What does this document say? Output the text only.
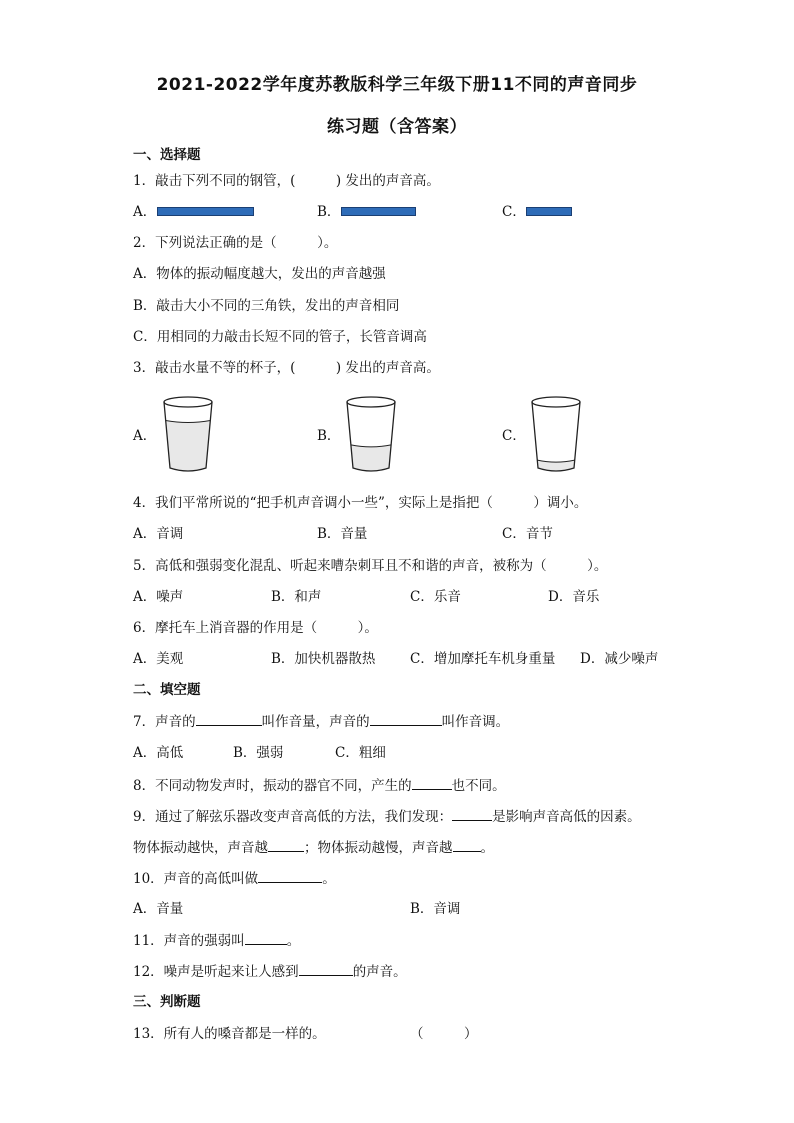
2021-2022学年度苏教版科学三年级下册11不同的声音同步
练习题（含答案）
一、选择题
1．敲击下列不同的钢管，(　　　) 发出的声音高。
A．	B．	C．
2．下列说法正确的是（　　　）。
A．物体的振动幅度越大，发出的声音越强
B．敲击大小不同的三角铁，发出的声音相同
C．用相同的力敲击长短不同的管子，长管音调高
3．敲击水量不等的杯子，(　　　) 发出的声音高。
A．	B．	C．
4．我们平常所说的“把手机声音调小一些”，实际上是指把（　　　）调小。
A．音调	B．音量	C．音节
5．高低和强弱变化混乱、听起来嘈杂刺耳且不和谐的声音，被称为（　　　）。
A．噪声	B．和声	C．乐音	D．音乐
6．摩托车上消音器的作用是（　　　）。
A．美观	B．加快机器散热	C．增加摩托车机身重量 D．减少噪声
二、填空题
7．声音的	叫作音量，声音的	叫作音调。
A．高低	B．强弱	C．粗细
8．不同动物发声时，振动的器官不同，产生的	也不同。
9．通过了解弦乐器改变声音高低的方法，我们发现：	是影响声音高低的因素。
物体振动越快，声音越	；物体振动越慢，声音越 。
10．声音的高低叫做	。
A．音量	B．音调
11．声音的强弱叫	。
12．噪声是听起来让人感到	的声音。
三、判断题
13．所有人的嗓音都是一样的。	（　　　）
